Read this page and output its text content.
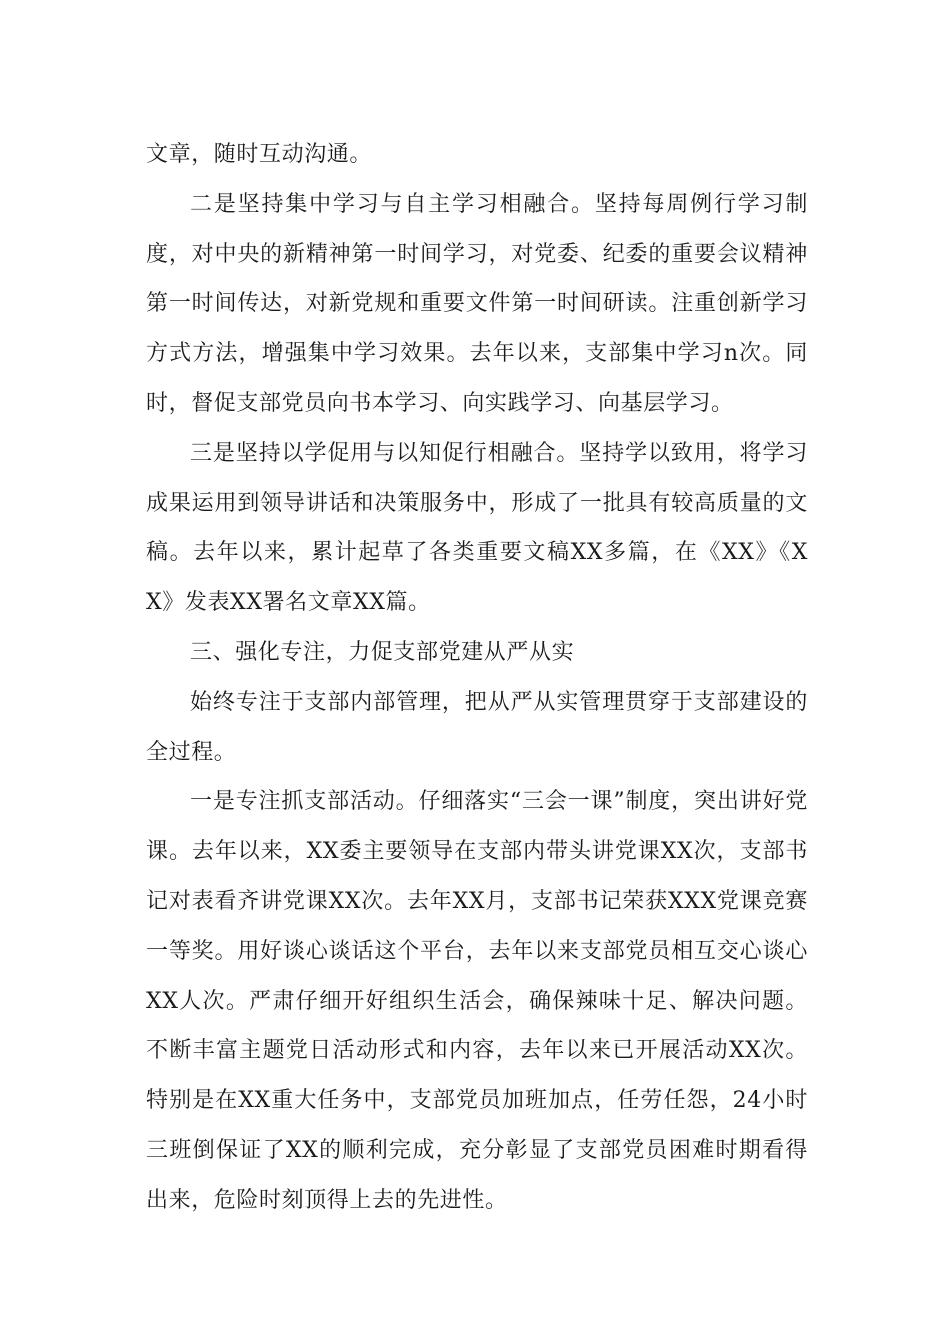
文章，随时互动沟通。

二是坚持集中学习与自主学习相融合。坚持每周例行学习制度，对中央的新精神第一时间学习，对党委、纪委的重要会议精神第一时间传达，对新党规和重要文件第一时间研读。注重创新学习方式方法，增强集中学习效果。去年以来，支部集中学习n次。同时，督促支部党员向书本学习、向实践学习、向基层学习。

三是坚持以学促用与以知促行相融合。坚持学以致用，将学习成果运用到领导讲话和决策服务中，形成了一批具有较高质量的文稿。去年以来，累计起草了各类重要文稿XX多篇，在《XX》《XX》发表XX署名文章XX篇。

三、强化专注，力促支部党建从严从实

始终专注于支部内部管理，把从严从实管理贯穿于支部建设的全过程。

一是专注抓支部活动。仔细落实“三会一课”制度，突出讲好党课。去年以来，XX委主要领导在支部内带头讲党课XX次，支部书记对表看齐讲党课XX次。去年XX月，支部书记荣获XXX党课竞赛一等奖。用好谈心谈话这个平台，去年以来支部党员相互交心谈心XX人次。严肃仔细开好组织生活会，确保辣味十足、解决问题。不断丰富主题党日活动形式和内容，去年以来已开展活动XX次。特别是在XX重大任务中，支部党员加班加点，任劳任怨，24小时三班倒保证了XX的顺利完成，充分彰显了支部党员困难时期看得出来，危险时刻顶得上去的先进性。
